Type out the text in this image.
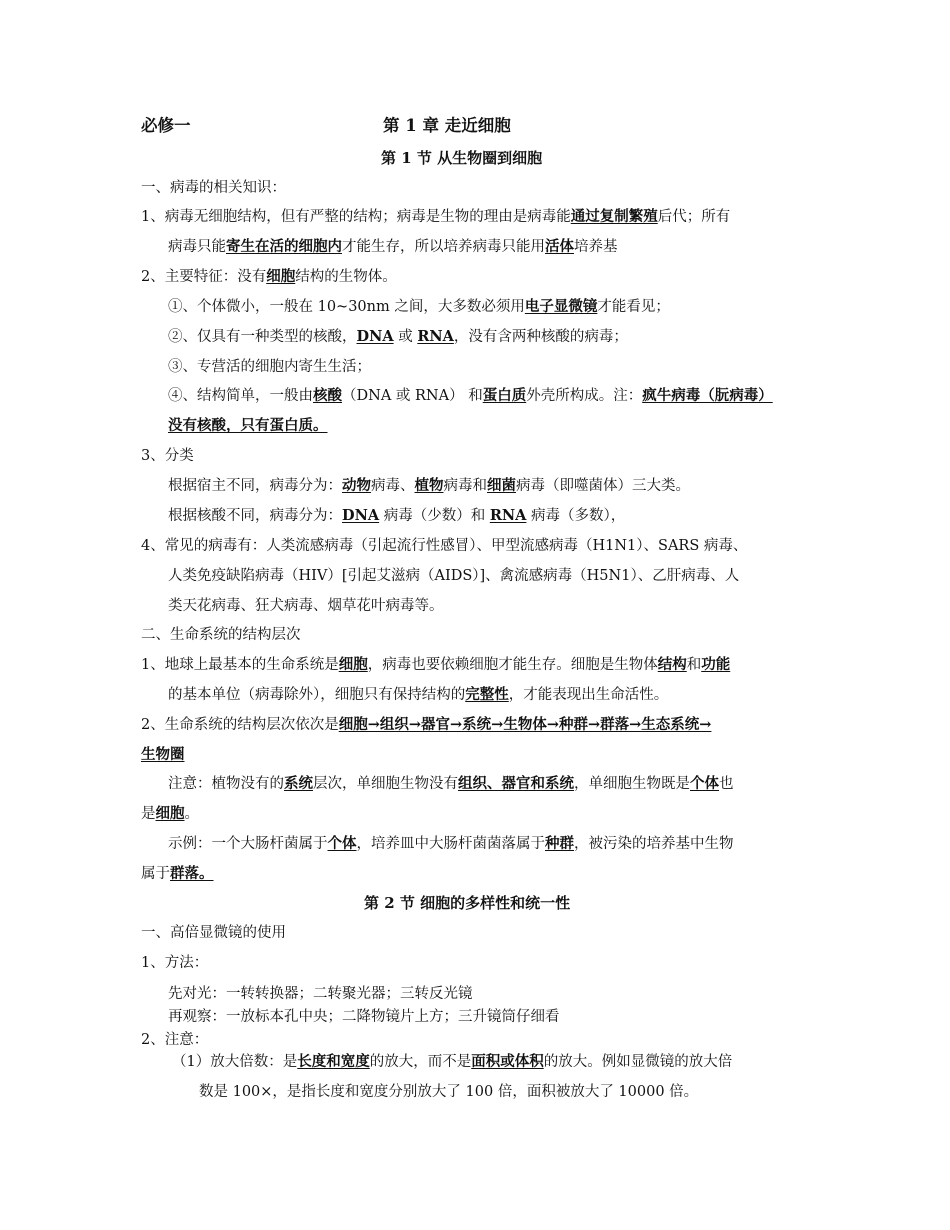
必修一	第 1 章 走近细胞
第 1 节 从生物圈到细胞
一、病毒的相关知识：
1、病毒无细胞结构，但有严整的结构；病毒是生物的理由是病毒能通过复制繁殖后代；所有
病毒只能寄生在活的细胞内才能生存，所以培养病毒只能用活体培养基
2、主要特征：没有细胞结构的生物体。
①、个体微小，一般在 10~30nm 之间，大多数必须用电子显微镜才能看见；
②、仅具有一种类型的核酸，DNA 或 RNA，没有含两种核酸的病毒；
③、专营活的细胞内寄生生活；
④、结构简单，一般由核酸（DNA 或 RNA） 和蛋白质外壳所构成。注：疯牛病毒（朊病毒）
没有核酸，只有蛋白质。
3、分类
根据宿主不同，病毒分为：动物病毒、植物病毒和细菌病毒（即噬菌体）三大类。
根据核酸不同，病毒分为：DNA 病毒（少数）和 RNA 病毒（多数），
4、常见的病毒有：人类流感病毒（引起流行性感冒）、甲型流感病毒（H1N1）、SARS 病毒、
人类免疫缺陷病毒（HIV）[引起艾滋病（AIDS）]、禽流感病毒（H5N1）、乙肝病毒、人
类天花病毒、狂犬病毒、烟草花叶病毒等。
二、生命系统的结构层次
1、地球上最基本的生命系统是细胞，病毒也要依赖细胞才能生存。细胞是生物体结构和功能
的基本单位（病毒除外），细胞只有保持结构的完整性，才能表现出生命活性。
2、生命系统的结构层次依次是细胞→组织→器官→系统→生物体→种群→群落→生态系统→
生物圈
注意：植物没有的系统层次，单细胞生物没有组织、器官和系统，单细胞生物既是个体也
是细胞。
示例：一个大肠杆菌属于个体，培养皿中大肠杆菌菌落属于种群，被污染的培养基中生物
属于群落。
第 2 节 细胞的多样性和统一性
一、高倍显微镜的使用
1、方法：
先对光：一转转换器；二转聚光器；三转反光镜
再观察：一放标本孔中央；二降物镜片上方；三升镜筒仔细看
2、注意：
（1）放大倍数：是长度和宽度的放大，而不是面积或体积的放大。例如显微镜的放大倍
数是 100×，是指长度和宽度分别放大了 100 倍，面积被放大了 10000 倍。
